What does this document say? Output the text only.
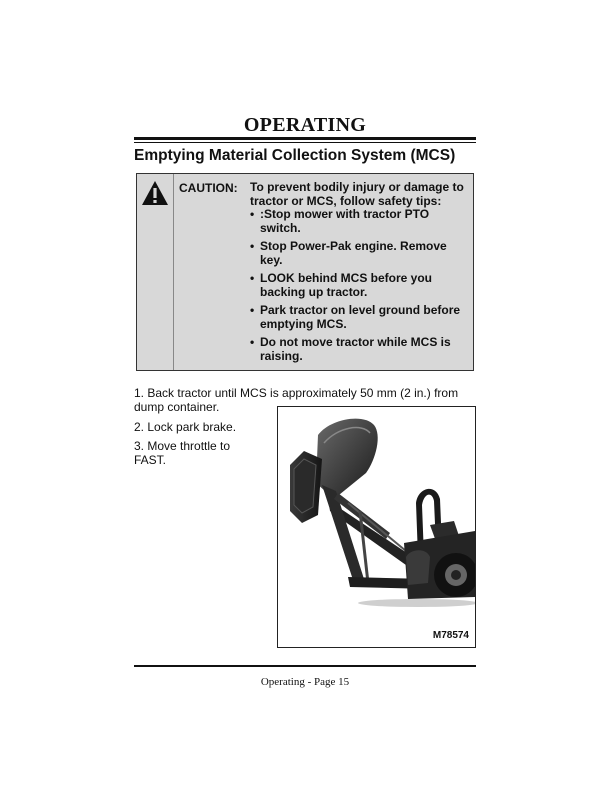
OPERATING
Emptying Material Collection System (MCS)
CAUTION: To prevent bodily injury or damage to tractor or MCS, follow safety tips:
• :Stop mower with tractor PTO switch.
• Stop Power-Pak engine. Remove key.
• LOOK behind MCS before you backing up tractor.
• Park tractor on level ground before emptying MCS.
• Do not move tractor while MCS is raising.

1. Back tractor until MCS is approximately 50 mm (2 in.) from dump container.

2. Lock park brake.

3. Move throttle to FAST.

M78574
Operating - Page 15
